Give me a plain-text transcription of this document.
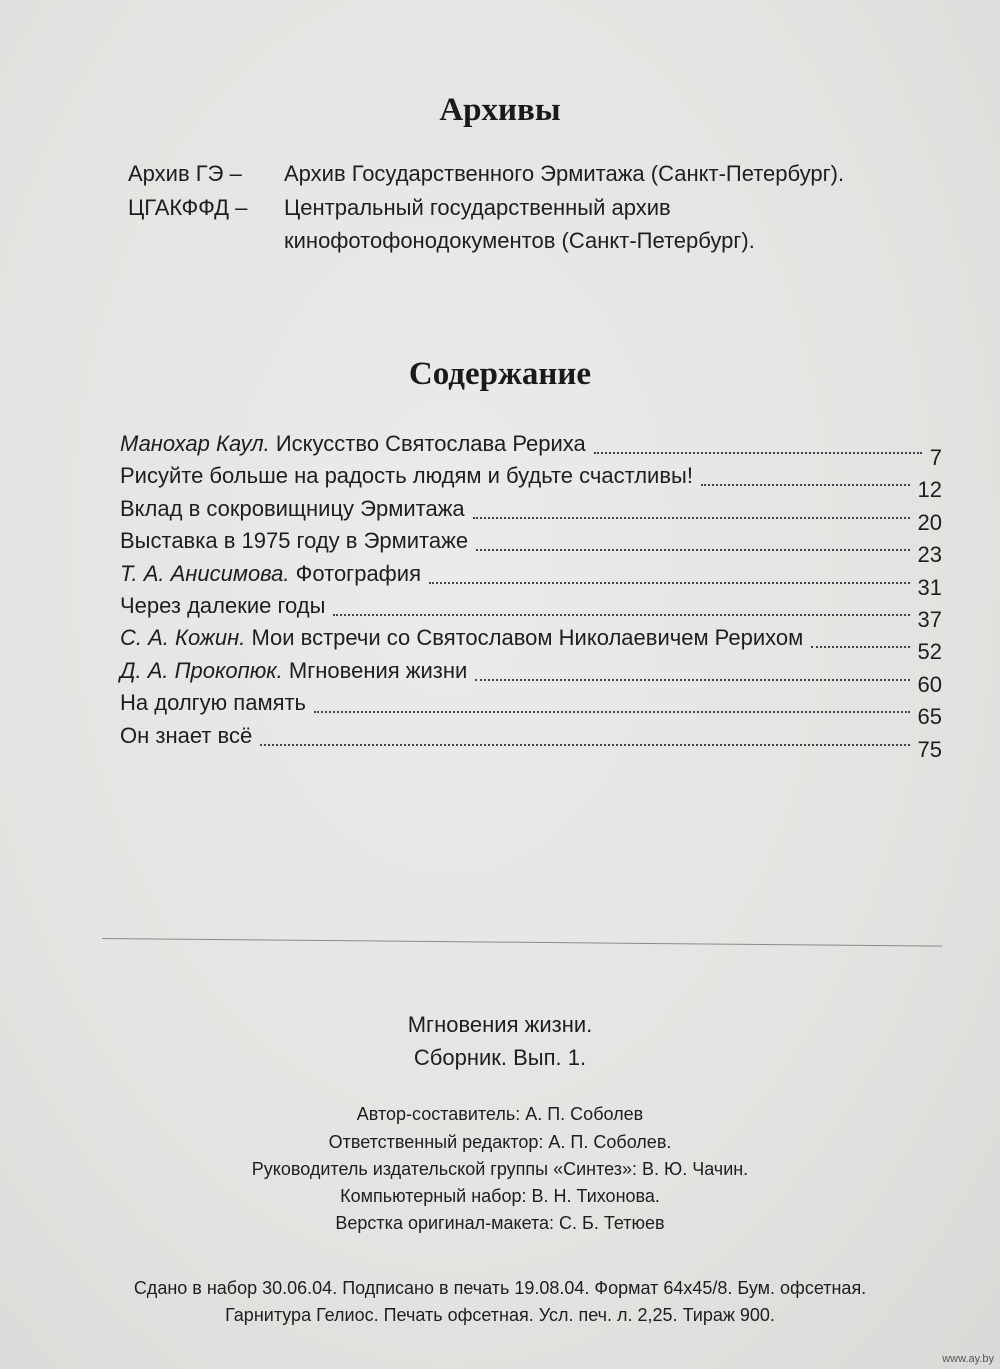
Архивы
Архив ГЭ – Архив Государственного Эрмитажа (Санкт-Петербург).
ЦГАКФФД – Центральный государственный архив
кинофотофонодокументов (Санкт-Петербург).
Содержание
Манохар Каул. Искусство Святослава Рериха
7
Рисуйте больше на радость людям и будьте счастливы!
12
Вклад в сокровищницу Эрмитажа
20
Выставка в 1975 году в Эрмитаже
23
Т. А. Анисимова. Фотография
31
Через далекие годы
37
С. А. Кожин. Мои встречи со Святославом Николаевичем Рерихом
52
Д. А. Прокопюк. Мгновения жизни
60
На долгую память
65
Он знает всё
75
Мгновения жизни.
Сборник. Вып. 1.
Автор-составитель: А. П. Соболев
Ответственный редактор: А. П. Соболев.
Руководитель издательской группы «Синтез»: В. Ю. Чачин.
Компьютерный набор: В. Н. Тихонова.
Верстка оригинал-макета: С. Б. Тетюев
Сдано в набор 30.06.04. Подписано в печать 19.08.04. Формат 64х45/8. Бум. офсетная.
Гарнитура Гелиос. Печать офсетная. Усл. печ. л. 2,25. Тираж 900.
www.ay.by
